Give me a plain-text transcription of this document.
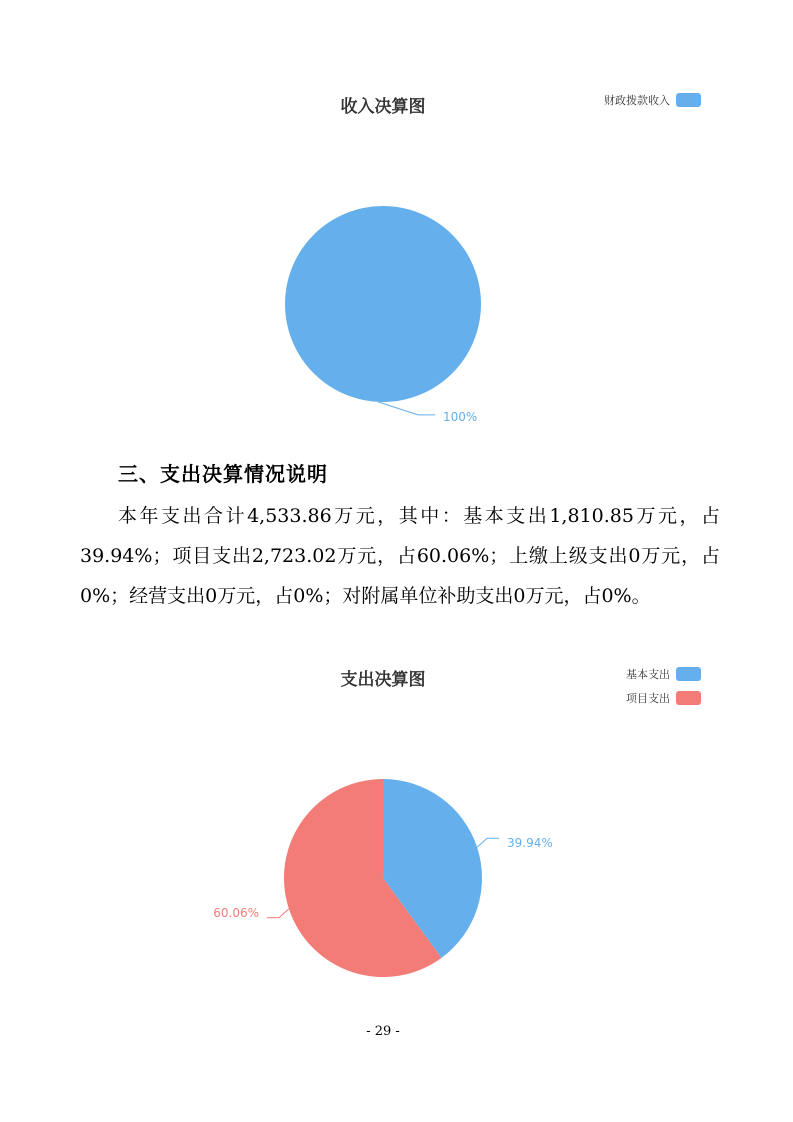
收入决算图	财政拨款收入
100%
三、支出决算情况说明

本年支出合计4,533.86万元，其中：基本支出1,810.85万元，占39.94%；项目支出2,723.02万元，占60.06%；上缴上级支出0万元，占0%；经营支出0万元，占0%；对附属单位补助支出0万元，占0%。

支出决算图	基本支出
项目支出
39.94%
60.06%
- 29 -
